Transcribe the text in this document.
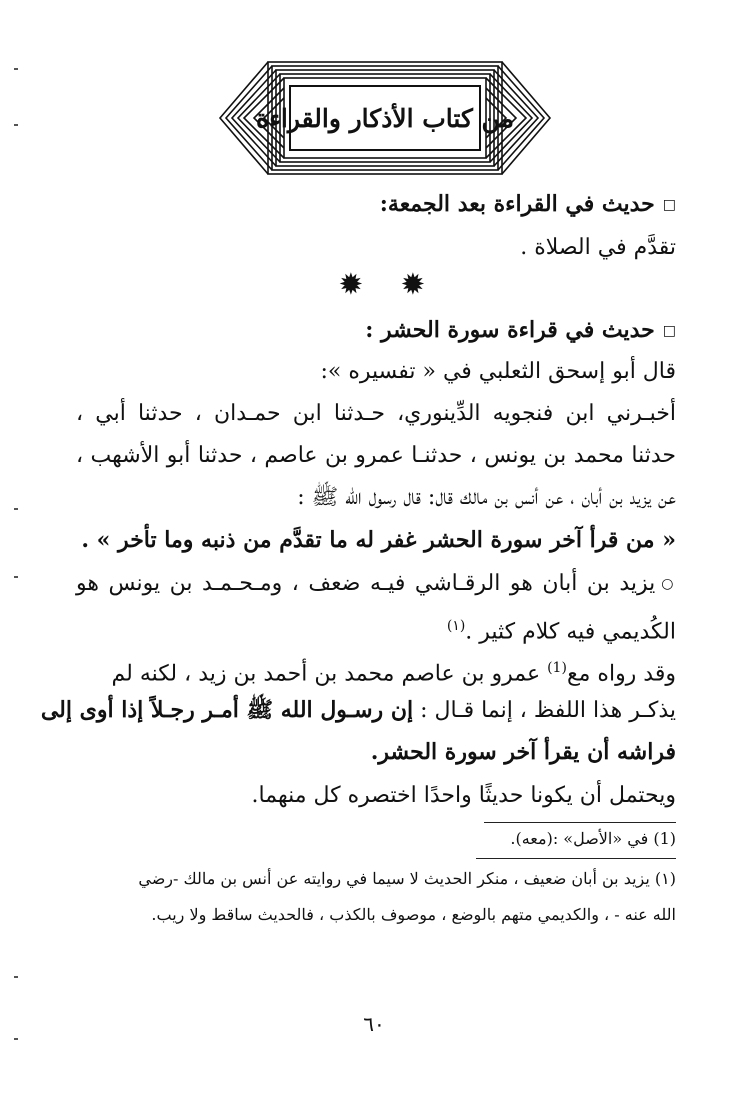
من كتاب الأذكار والقراءة
□حديث في القراءة بعد الجمعة:
تقدَّم في الصلاة .
✹ ✹
□حديث في قراءة سورة الحشر :
قال أبو إسحق الثعلبي في « تفسيره »:
أخبـرني ابن فنجويه الدِّينوري، حـدثنا ابن حمـدان ، حدثنا أبي ،
حدثنا محمد بن يونس ، حدثنـا عمرو بن عاصم ، حدثنا أبو الأشهب ،
عن يزيد بن أبان ، عن أنس بن مالك قال: قال رسول الله ﷺ :
« من قرأ آخر سورة الحشر غفر له ما تقدَّم من ذنبه وما تأخر » .
○يزيد بن أبان هو الرقـاشي فيـه ضعف ، ومـحـمـد بن يونس هو
الكُديمي فيه كلام كثير .$^{(١)}$
وقد رواه مع$^{(1)}$ عمرو بن عاصم محمد بن أحمد بن زيد ، لكنه لم
يذكـر هذا اللفظ ، إنما قـال : إن رسـول الله ﷺ أمـر رجـلاً إذا أوى إلى
فراشه أن يقرأ آخر سورة الحشر.
ويحتمل أن يكونا حديثًا واحدًا اختصره كل منهما.
(1) في «الأصل» :(معه).
(١) يزيد بن أبان ضعيف ، منكر الحديث لا سيما في روايته عن أنس بن مالك -رضي
الله عنه - ، والكديمي متهم بالوضع ، موصوف بالكذب ، فالحديث ساقط ولا ريب.
٦٠
